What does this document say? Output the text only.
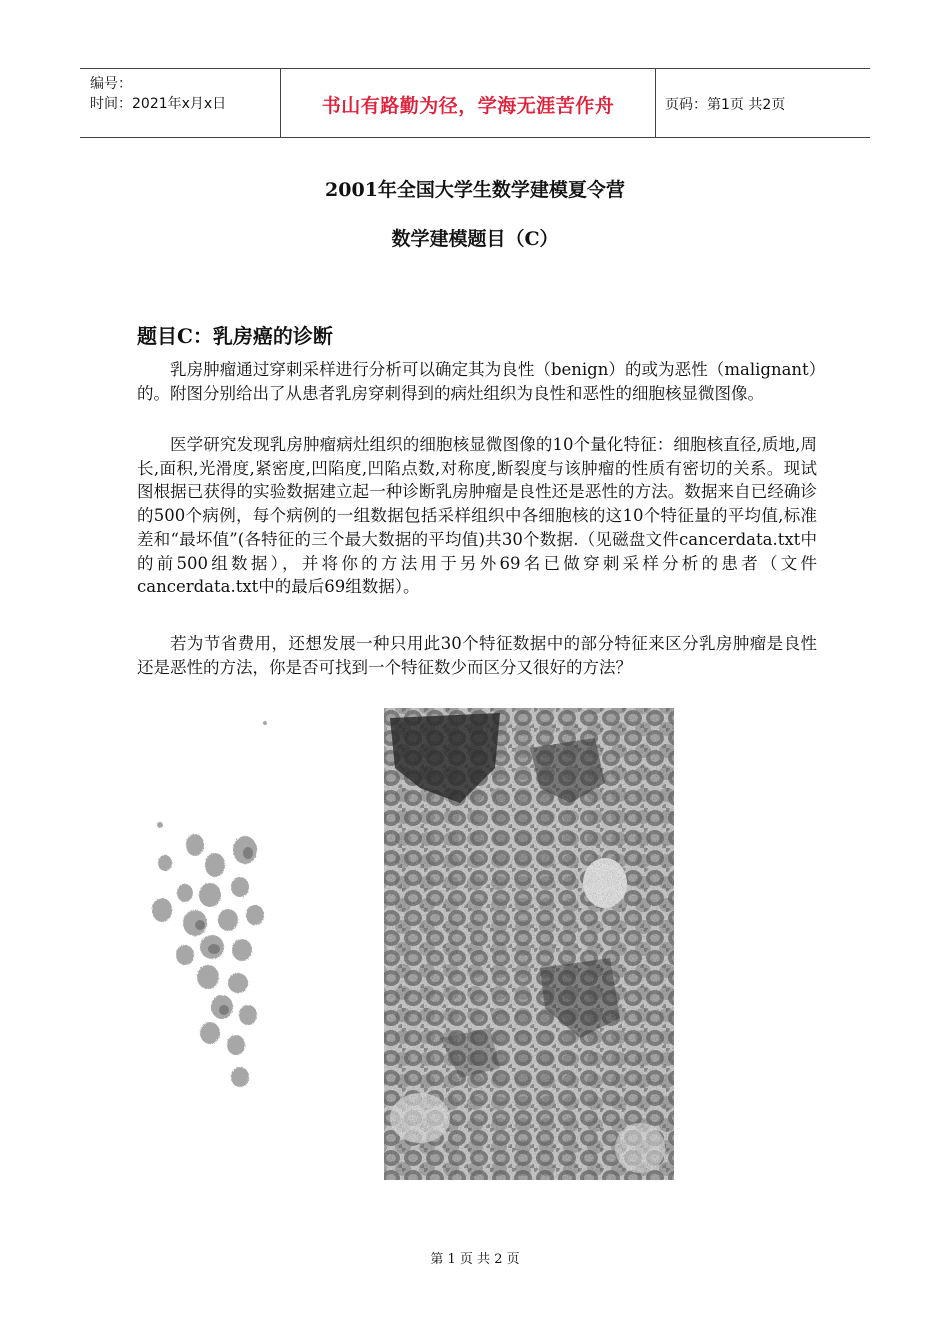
编号：
时间：2021年x月x日	书山有路勤为径，学海无涯苦作舟	页码：第1页 共2页
2001年全国大学生数学建模夏令营
数学建模题目（C）
题目C：乳房癌的诊断

乳房肿瘤通过穿刺采样进行分析可以确定其为良性（benign）的或为恶性（malignant）的。附图分别给出了从患者乳房穿刺得到的病灶组织为良性和恶性的细胞核显微图像。

医学研究发现乳房肿瘤病灶组织的细胞核显微图像的10个量化特征：细胞核直径,质地,周长,面积,光滑度,紧密度,凹陷度,凹陷点数,对称度,断裂度与该肿瘤的性质有密切的关系。现试图根据已获得的实验数据建立起一种诊断乳房肿瘤是良性还是恶性的方法。数据来自已经确诊的500个病例，每个病例的一组数据包括采样组织中各细胞核的这10个特征量的平均值,标准差和“最坏值”(各特征的三个最大数据的平均值)共30个数据.（见磁盘文件cancerdata.txt中的前500组数据），并将你的方法用于另外69名已做穿刺采样分析的患者（文件cancerdata.txt中的最后69组数据）。

若为节省费用，还想发展一种只用此30个特征数据中的部分特征来区分乳房肿瘤是良性还是恶性的方法，你是否可找到一个特征数少而区分又很好的方法？

第 1 页 共 2 页
